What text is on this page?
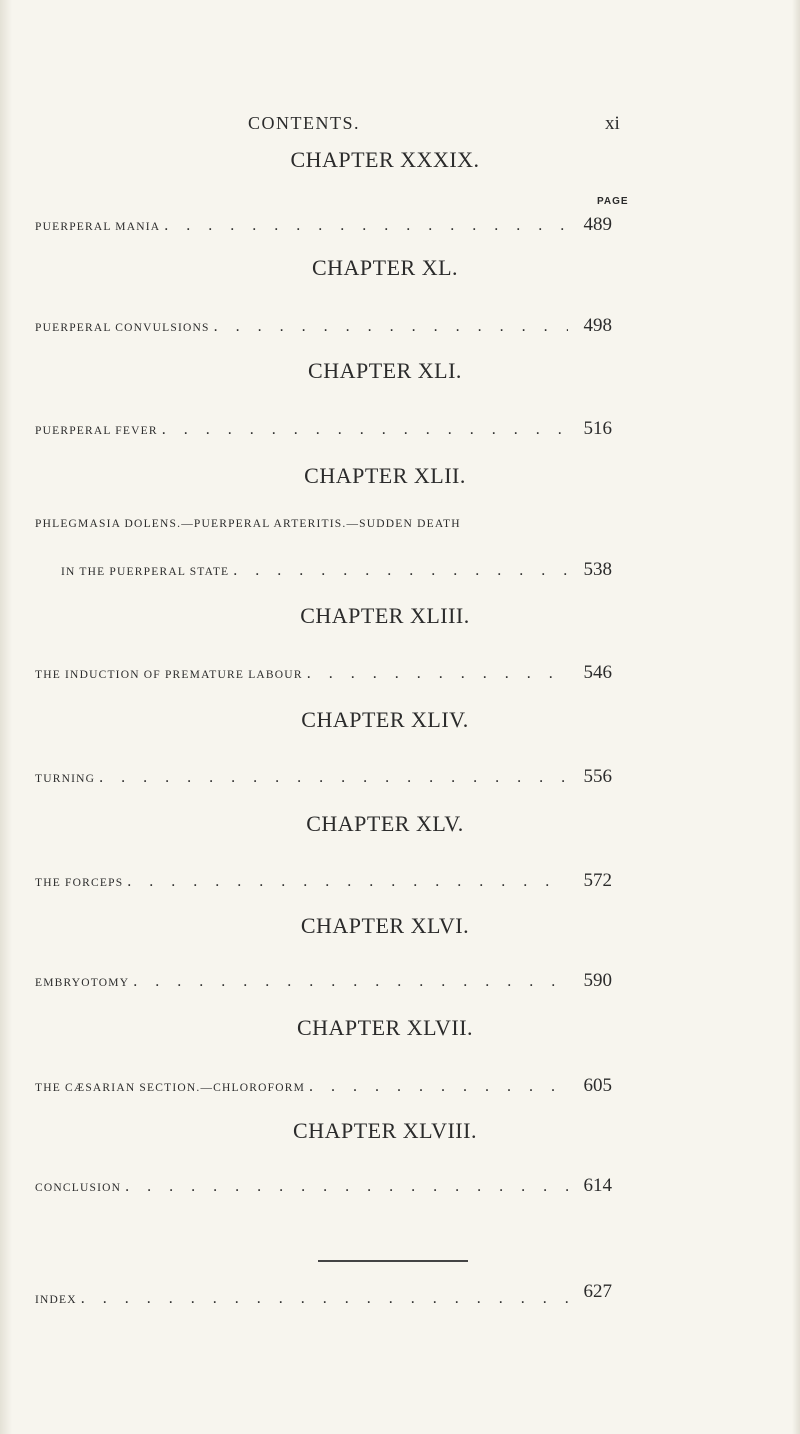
CONTENTS.	xi
PAGE
CHAPTER XXXIX.
PUERPERAL MANIA . . .	489
CHAPTER XL.
PUERPERAL CONVULSIONS . . .	498
CHAPTER XLI.
PUERPERAL FEVER . . .	516
CHAPTER XLII.
PHLEGMASIA DOLENS.—PUERPERAL ARTERITIS.—SUDDEN DEATH
IN THE PUERPERAL STATE . . .	538
CHAPTER XLIII.
THE INDUCTION OF PREMATURE LABOUR . . .	546
CHAPTER XLIV.
TURNING . . .	556
CHAPTER XLV.
THE FORCEPS . . .	572
CHAPTER XLVI.
EMBRYOTOMY . . .	590
CHAPTER XLVII.
THE CÆSARIAN SECTION.—CHLOROFORM . . .	605
CHAPTER XLVIII.
CONCLUSION . . .	614
INDEX . . .	627
